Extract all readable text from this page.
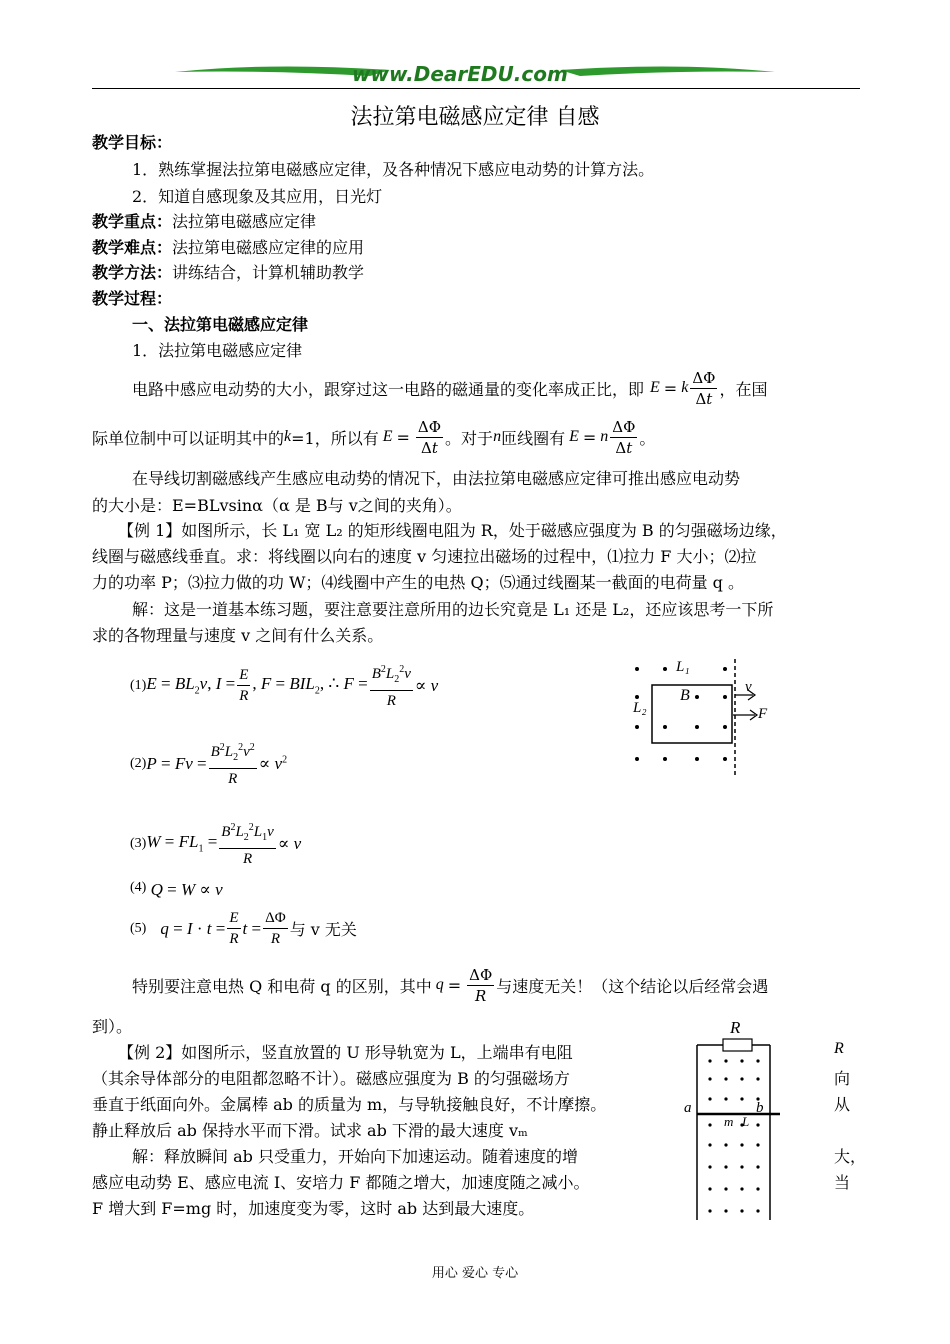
www.DearEDU.com
法拉第电磁感应定律 自感
教学目标：
1．熟练掌握法拉第电磁感应定律，及各种情况下感应电动势的计算方法。
2．知道自感现象及其应用，日光灯
教学重点：法拉第电磁感应定律
教学难点：法拉第电磁感应定律的应用
教学方法：讲练结合，计算机辅助教学
教学过程：
一、法拉第电磁感应定律
1．法拉第电磁感应定律
电路中感应电动势的大小，跟穿过这一电路的磁通量的变化率成正比，即 E = k $\frac{\Delta\Phi}{\Delta t}$ ，在国
际单位制中可以证明其中的 k =1，所以有 $E = \frac{\Delta\Phi}{\Delta t}$ 。对于 n 匝线圈有 E = n $\frac{\Delta\Phi}{\Delta t}$ 。
在导线切割磁感线产生感应电动势的情况下，由法拉第电磁感应定律可推出感应电动势
的大小是：E=BLvsinα（α 是 B与 v之间的夹角）。
【例 1】如图所示，长 L₁ 宽 L₂ 的矩形线圈电阻为 R，处于磁感应强度为 B 的匀强磁场边缘，
线圈与磁感线垂直。求：将线圈以向右的速度 v 匀速拉出磁场的过程中，⑴拉力 F 大小；⑵拉
力的功率 P；⑶拉力做的功 W；⑷线圈中产生的电热 Q；⑸通过线圈某一截面的电荷量 q 。
解：这是一道基本练习题，要注意要注意所用的边长究竟是 L₁ 还是 L₂，还应该思考一下所
求的各物理量与速度 v 之间有什么关系。
(1) $E = BL_2v$, $I = \frac{E}{R}$ , $F = BIL_2$, ∴ $F = \frac{B^2L_2^2v}{R} \propto v$
(2) $P = Fv = \frac{B^2L_2^2v^2}{R} \propto v^2$
(3) $W = FL_1 = \frac{B^2L_2^2L_1v}{R} \propto v$
$^{(4)}$ Q = W ∝ v
(5) $q = I \cdot t = \frac{E}{R}$ $t = \frac{\Delta\Phi}{R}$ 与 v 无关
特别要注意电热 Q 和电荷 q 的区别，其中 $q = \frac{\Delta\Phi}{R}$ 与速度无关！（这个结论以后经常会遇
到）。
L₁
L₂
B	v
F
【例 2】如图所示，竖直放置的 U 形导轨宽为 L，上端串有电阻
（其余导体部分的电阻都忽略不计）。磁感应强度为 B 的匀强磁场方
垂直于纸面向外。金属棒 ab 的质量为 m，与导轨接触良好，不计摩擦。
静止释放后 ab 保持水平而下滑。试求 ab 下滑的最大速度 vₘ
解：释放瞬间 ab 只受重力，开始向下加速运动。随着速度的增
感应电动势 E、感应电流 I、安培力 F 都随之增大，加速度随之减小。
F 增大到 F=mg 时，加速度变为零，这时 ab 达到最大速度。
R
向
从
大，
当
R
a	b
m L
用心 爱心 专心
